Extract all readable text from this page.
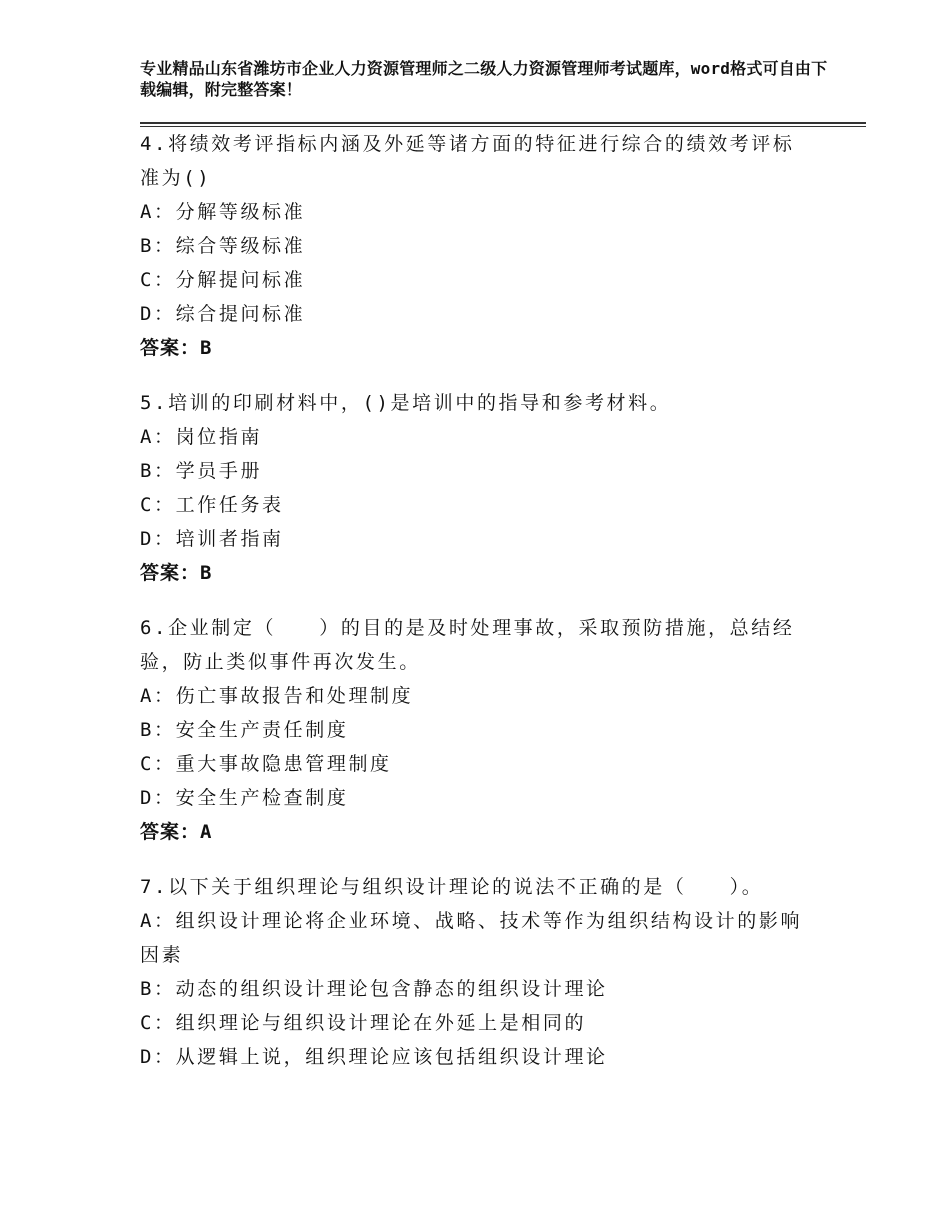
专业精品山东省潍坊市企业人力资源管理师之二级人力资源管理师考试题库，word格式可自由下载编辑，附完整答案！
4.将绩效考评指标内涵及外延等诸方面的特征进行综合的绩效考评标准为()
A：分解等级标准
B：综合等级标准
C：分解提问标准
D：综合提问标准
答案：B
5.培训的印刷材料中，()是培训中的指导和参考材料。
A：岗位指南
B：学员手册
C：工作任务表
D：培训者指南
答案：B
6.企业制定（　　）的目的是及时处理事故，采取预防措施，总结经验，防止类似事件再次发生。
A：伤亡事故报告和处理制度
B：安全生产责任制度
C：重大事故隐患管理制度
D：安全生产检查制度
答案：A
7.以下关于组织理论与组织设计理论的说法不正确的是（　　）。
A：组织设计理论将企业环境、战略、技术等作为组织结构设计的影响因素
B：动态的组织设计理论包含静态的组织设计理论
C：组织理论与组织设计理论在外延上是相同的
D：从逻辑上说，组织理论应该包括组织设计理论
